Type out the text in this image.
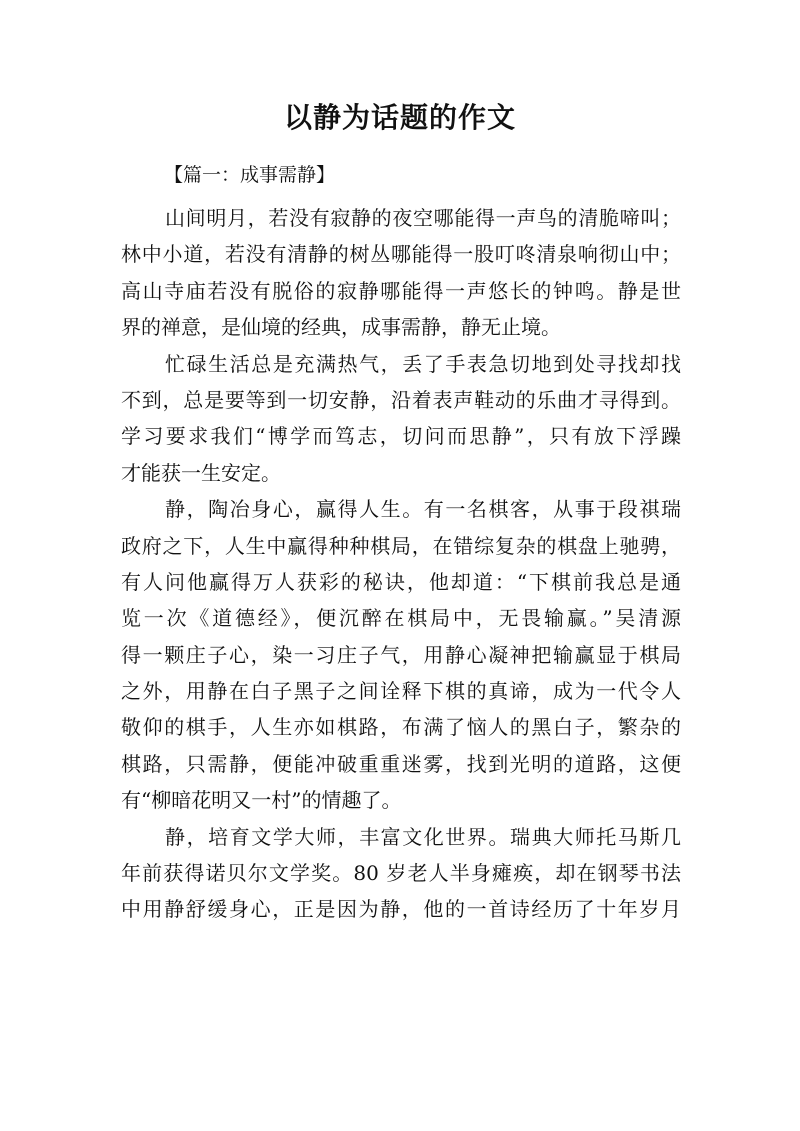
以静为话题的作文
【篇一：成事需静】
山间明月，若没有寂静的夜空哪能得一声鸟的清脆啼叫；
林中小道，若没有清静的树丛哪能得一股叮咚清泉响彻山中；
高山寺庙若没有脱俗的寂静哪能得一声悠长的钟鸣。静是世
界的禅意，是仙境的经典，成事需静，静无止境。
忙碌生活总是充满热气，丢了手表急切地到处寻找却找
不到，总是要等到一切安静，沿着表声鞋动的乐曲才寻得到。
学习要求我们“博学而笃志，切问而思静”，只有放下浮躁
才能获一生安定。
静，陶冶身心，赢得人生。有一名棋客，从事于段祺瑞
政府之下，人生中赢得种种棋局，在错综复杂的棋盘上驰骋，
有人问他赢得万人获彩的秘诀，他却道：“下棋前我总是通
览一次《道德经》，便沉醉在棋局中，无畏输赢。”吴清源
得一颗庄子心，染一习庄子气，用静心凝神把输赢显于棋局
之外，用静在白子黑子之间诠释下棋的真谛，成为一代令人
敬仰的棋手，人生亦如棋路，布满了恼人的黑白子，繁杂的
棋路，只需静，便能冲破重重迷雾，找到光明的道路，这便
有“柳暗花明又一村”的情趣了。
静，培育文学大师，丰富文化世界。瑞典大师托马斯几
年前获得诺贝尔文学奖。80 岁老人半身瘫痪，却在钢琴书法
中用静舒缓身心，正是因为静，他的一首诗经历了十年岁月
